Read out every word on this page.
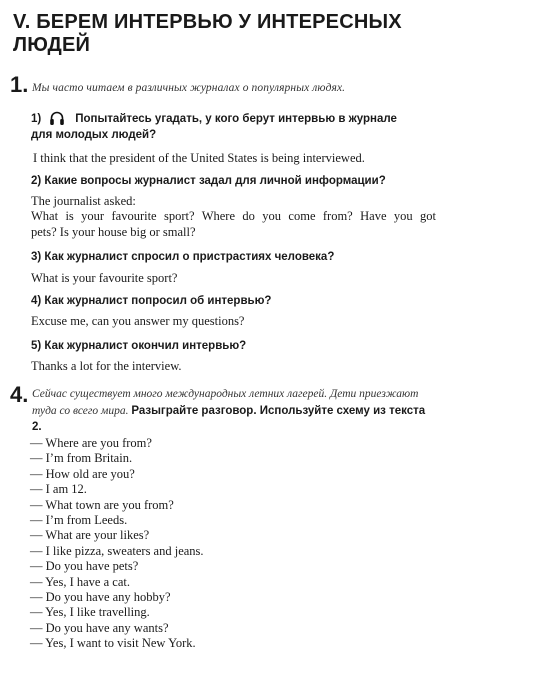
V. БЕРЕМ ИНТЕРВЬЮ У ИНТЕРЕСНЫХ
ЛЮДЕЙ
1. Мы часто читаем в различных журналах о популярных людях.
1)	Попытайтесь угадать, у кого берут интервью в журнале
для молодых людей?
I think that the president of the United States is being interviewed.
2) Какие вопросы журналист задал для личной информации?
The journalist asked:
What is your favourite sport? Where do you come from? Have you got
pets? Is your house big or small?
3) Как журналист спросил о пристрастиях человека?
What is your favourite sport?
4) Как журналист попросил об интервью?
Excuse me, can you answer my questions?
5) Как журналист окончил интервью?
Thanks a lot for the interview.
4. Сейчас существует много международных летних лагерей. Дети приезжают туда со всего мира. Разыграйте разговор. Используйте схему из текста 2.
— Where are you from?
— I’m from Britain.
— How old are you?
— I am 12.
— What town are you from?
— I’m from Leeds.
— What are your likes?
— I like pizza, sweaters and jeans.
— Do you have pets?
— Yes, I have a cat.
— Do you have any hobby?
— Yes, I like travelling.
— Do you have any wants?
— Yes, I want to visit New York.
